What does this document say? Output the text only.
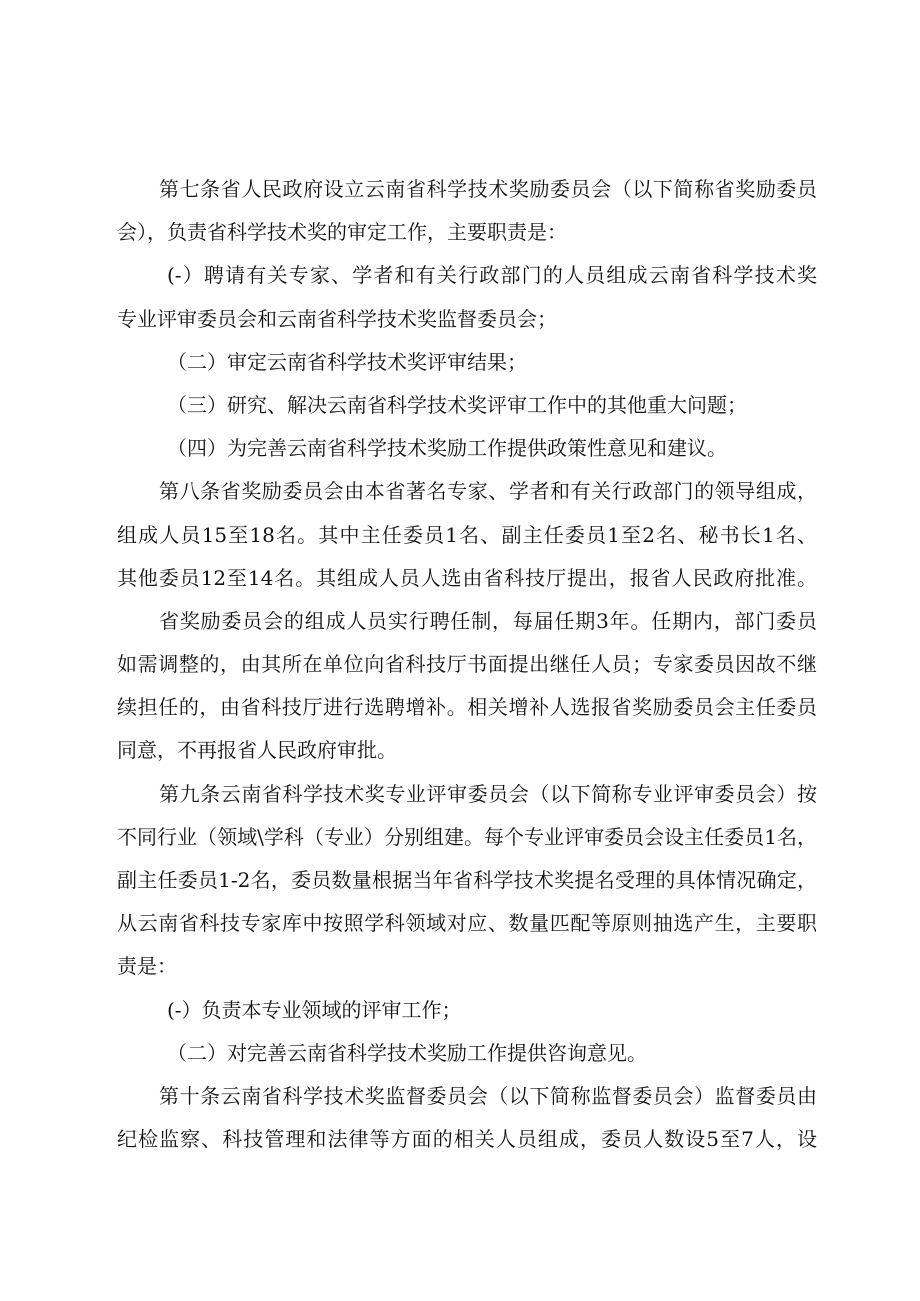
第七条省人民政府设立云南省科学技术奖励委员会（以下简称省奖励委员
会），负责省科学技术奖的审定工作，主要职责是：
(-）聘请有关专家、学者和有关行政部门的人员组成云南省科学技术奖
专业评审委员会和云南省科学技术奖监督委员会；
（二）审定云南省科学技术奖评审结果；
（三）研究、解决云南省科学技术奖评审工作中的其他重大问题；
（四）为完善云南省科学技术奖励工作提供政策性意见和建议。
第八条省奖励委员会由本省著名专家、学者和有关行政部门的领导组成，
组成人员15至18名。其中主任委员1名、副主任委员1至2名、秘书长1名、
其他委员12至14名。其组成人员人选由省科技厅提出，报省人民政府批准。
省奖励委员会的组成人员实行聘任制，每届任期3年。任期内，部门委员
如需调整的，由其所在单位向省科技厅书面提出继任人员；专家委员因故不继
续担任的，由省科技厅进行选聘增补。相关增补人选报省奖励委员会主任委员
同意，不再报省人民政府审批。
第九条云南省科学技术奖专业评审委员会（以下简称专业评审委员会）按
不同行业（领域\学科（专业）分别组建。每个专业评审委员会设主任委员1名，
副主任委员1-2名，委员数量根据当年省科学技术奖提名受理的具体情况确定，
从云南省科技专家库中按照学科领域对应、数量匹配等原则抽选产生，主要职
责是：
(-）负责本专业领域的评审工作；
（二）对完善云南省科学技术奖励工作提供咨询意见。
第十条云南省科学技术奖监督委员会（以下简称监督委员会）监督委员由
纪检监察、科技管理和法律等方面的相关人员组成，委员人数设5至7人，设
